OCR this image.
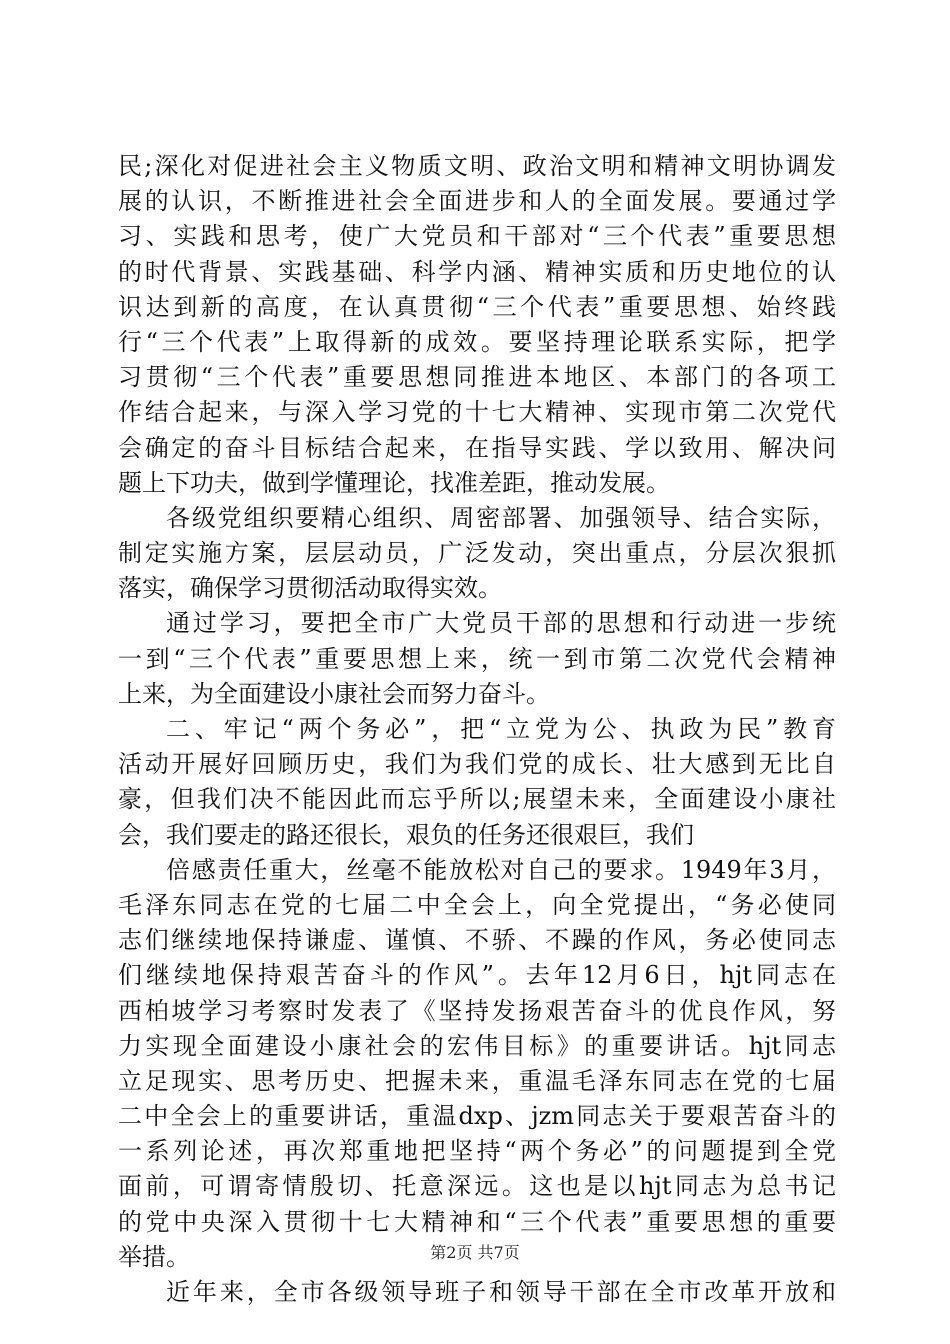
民;深化对促进社会主义物质文明、政治文明和精神文明协调发
展的认识，不断推进社会全面进步和人的全面发展。要通过学
习、实践和思考，使广大党员和干部对“三个代表”重要思想
的时代背景、实践基础、科学内涵、精神实质和历史地位的认
识达到新的高度，在认真贯彻“三个代表”重要思想、始终践
行“三个代表”上取得新的成效。要坚持理论联系实际，把学
习贯彻“三个代表”重要思想同推进本地区、本部门的各项工
作结合起来，与深入学习党的十七大精神、实现市第二次党代
会确定的奋斗目标结合起来，在指导实践、学以致用、解决问
题上下功夫，做到学懂理论，找准差距，推动发展。
各级党组织要精心组织、周密部署、加强领导、结合实际，
制定实施方案，层层动员，广泛发动，突出重点，分层次狠抓
落实，确保学习贯彻活动取得实效。
通过学习，要把全市广大党员干部的思想和行动进一步统
一到“三个代表”重要思想上来，统一到市第二次党代会精神
上来，为全面建设小康社会而努力奋斗。
二、牢记“两个务必”，把“立党为公、执政为民”教育
活动开展好回顾历史，我们为我们党的成长、壮大感到无比自
豪，但我们决不能因此而忘乎所以;展望未来，全面建设小康社
会，我们要走的路还很长，艰负的任务还很艰巨，我们
倍感责任重大，丝毫不能放松对自己的要求。1949年3月，
毛泽东同志在党的七届二中全会上，向全党提出，“务必使同
志们继续地保持谦虚、谨慎、不骄、不躁的作风，务必使同志
们继续地保持艰苦奋斗的作风”。去年12月6日，hjt同志在
西柏坡学习考察时发表了《坚持发扬艰苦奋斗的优良作风，努
力实现全面建设小康社会的宏伟目标》的重要讲话。hjt同志
立足现实、思考历史、把握未来，重温毛泽东同志在党的七届
二中全会上的重要讲话，重温dxp、jzm同志关于要艰苦奋斗的
一系列论述，再次郑重地把坚持“两个务必”的问题提到全党
面前，可谓寄情殷切、托意深远。这也是以hjt同志为总书记
的党中央深入贯彻十七大精神和“三个代表”重要思想的重要
举措。
近年来，全市各级领导班子和领导干部在全市改革开放和
第2页 共7页
